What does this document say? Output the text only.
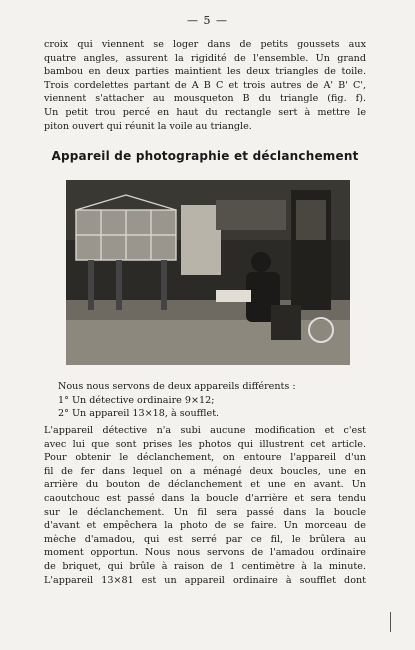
— 5 —
croix qui viennent se loger dans de petits goussets aux
quatre angles, assurent la rigidité de l'ensemble. Un grand
bambou en deux parties maintient les deux triangles de toile.
Trois cordelettes partant de A B C et trois autres de A' B' C',
viennent s'attacher au mousqueton B du triangle (fig. f).
Un petit trou percé en haut du rectangle sert à mettre le
piton ouvert qui réunit la voile au triangle.
Appareil de photographie et déclanchement
Nous nous servons de deux appareils différents :
1° Un détective ordinaire 9×12;
2° Un appareil 13×18, à soufflet.
L'appareil détective n'a subi aucune modification et c'est
avec lui que sont prises les photos qui illustrent cet article.
Pour obtenir le déclanchement, on entoure l'appareil d'un
fil de fer dans lequel on a ménagé deux boucles, une en
arrière du bouton de déclanchement et une en avant. Un
caoutchouc est passé dans la boucle d'arrière et sera tendu
sur le déclanchement. Un fil sera passé dans la boucle
d'avant et empêchera la photo de se faire. Un morceau de
mèche d'amadou, qui est serré par ce fil, le brûlera au
moment opportun. Nous nous servons de l'amadou ordinaire
de briquet, qui brûle à raison de 1 centimètre à la minute.
L'appareil 13×81 est un appareil ordinaire à soufflet dont
